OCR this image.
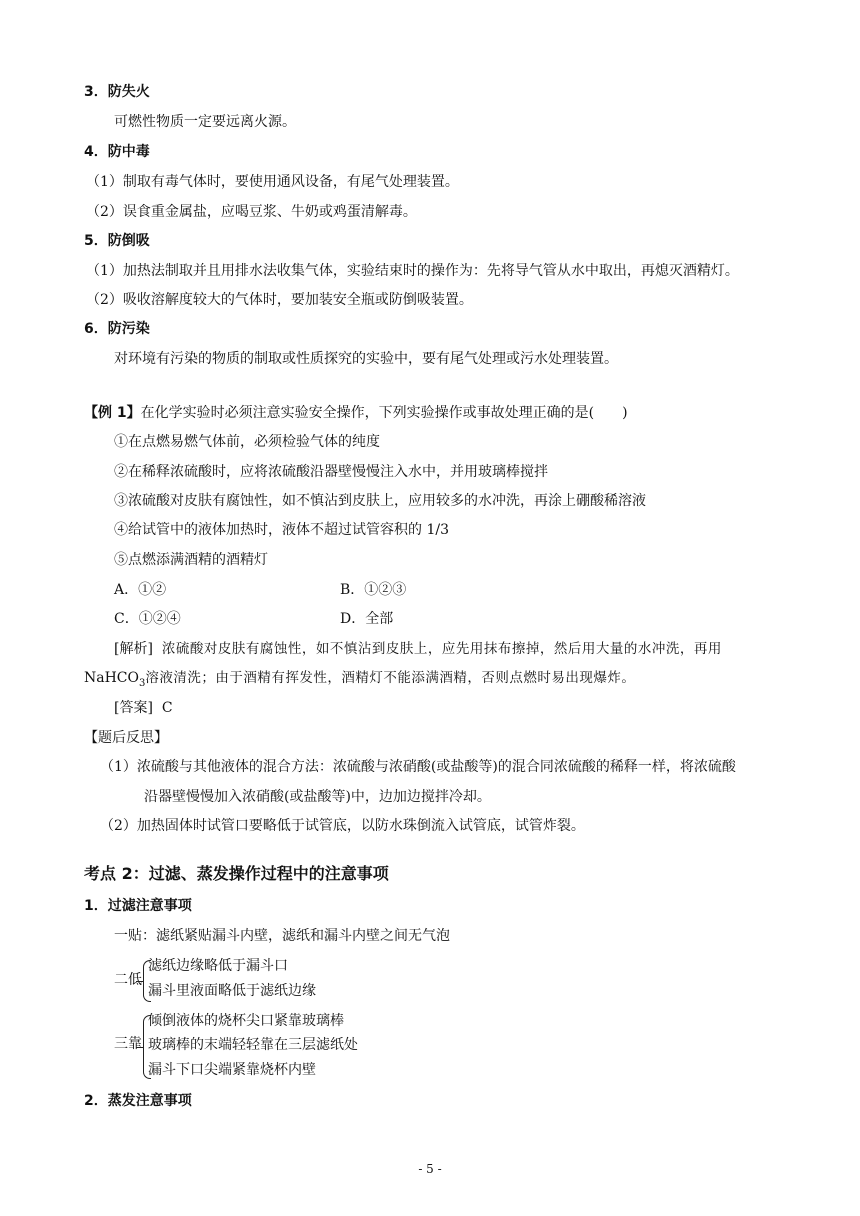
3．防失火
可燃性物质一定要远离火源。
4．防中毒
（1）制取有毒气体时，要使用通风设备，有尾气处理装置。
（2）误食重金属盐，应喝豆浆、牛奶或鸡蛋清解毒。
5．防倒吸
（1）加热法制取并且用排水法收集气体，实验结束时的操作为：先将导气管从水中取出，再熄灭酒精灯。
（2）吸收溶解度较大的气体时，要加装安全瓶或防倒吸装置。
6．防污染
对环境有污染的物质的制取或性质探究的实验中，要有尾气处理或污水处理装置。
【例 1】在化学实验时必须注意实验安全操作，下列实验操作或事故处理正确的是(　　)
①在点燃易燃气体前，必须检验气体的纯度
②在稀释浓硫酸时，应将浓硫酸沿器壁慢慢注入水中，并用玻璃棒搅拌
③浓硫酸对皮肤有腐蚀性，如不慎沾到皮肤上，应用较多的水冲洗，再涂上硼酸稀溶液
④给试管中的液体加热时，液体不超过试管容积的 1/3
⑤点燃添满酒精的酒精灯
A．①②	B．①②③
C．①②④	D．全部
[解析] 浓硫酸对皮肤有腐蚀性，如不慎沾到皮肤上，应先用抹布擦掉，然后用大量的水冲洗，再用
NaHCO$_3$溶液清洗；由于酒精有挥发性，酒精灯不能添满酒精，否则点燃时易出现爆炸。
[答案] C
【题后反思】
（1）浓硫酸与其他液体的混合方法：浓硫酸与浓硝酸(或盐酸等)的混合同浓硫酸的稀释一样，将浓硫酸
沿器壁慢慢加入浓硝酸(或盐酸等)中，边加边搅拌冷却。
（2）加热固体时试管口要略低于试管底，以防水珠倒流入试管底，试管炸裂。
考点 2：过滤、蒸发操作过程中的注意事项
1．过滤注意事项
一贴：滤纸紧贴漏斗内壁，滤纸和漏斗内壁之间无气泡
二低
滤纸边缘略低于漏斗口
漏斗里液面略低于滤纸边缘
三靠
倾倒液体的烧杯尖口紧靠玻璃棒
玻璃棒的末端轻轻靠在三层滤纸处
漏斗下口尖端紧靠烧杯内壁
2．蒸发注意事项
- 5 -
